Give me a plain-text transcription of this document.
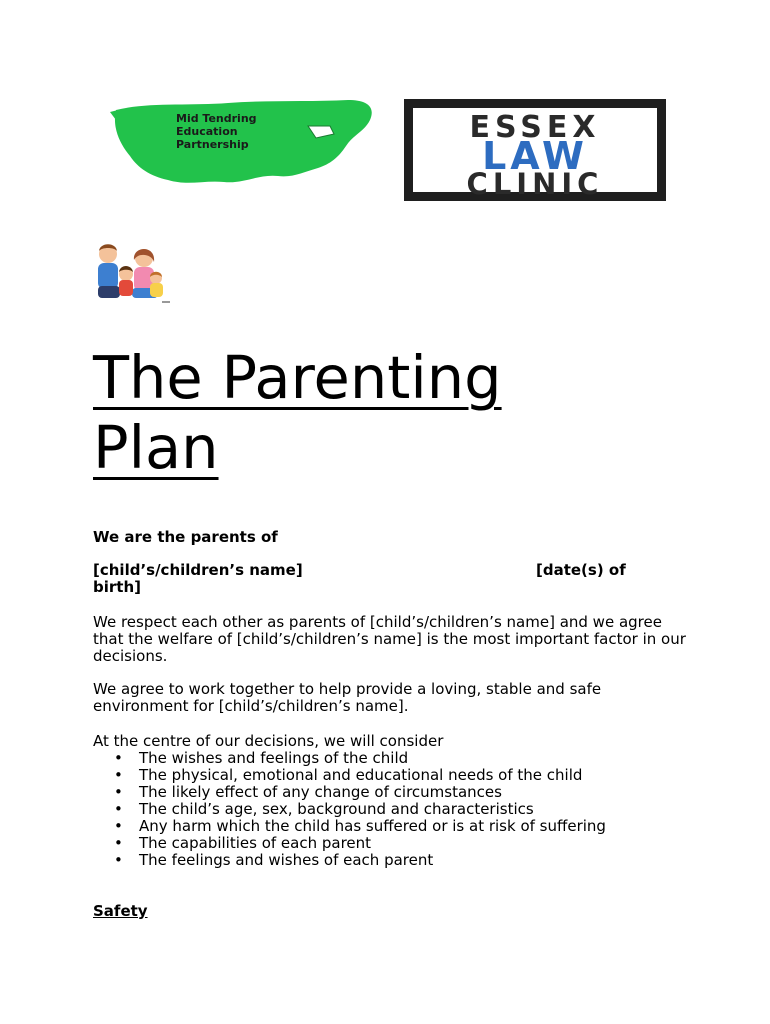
Mid Tendring
Education
Partnership	ESSEX
LAW
CLINIC
The Parenting
Plan
We are the parents of
[child’s/children’s name]	[date(s) of
birth]
We respect each other as parents of [child’s/children’s name] and we agree that the welfare of [child’s/children’s name] is the most important factor in our decisions.
We agree to work together to help provide a loving, stable and safe environment for [child’s/children’s name].
At the centre of our decisions, we will consider
• The wishes and feelings of the child
• The physical, emotional and educational needs of the child
• The likely effect of any change of circumstances
• The child’s age, sex, background and characteristics
• Any harm which the child has suffered or is at risk of suffering
• The capabilities of each parent
• The feelings and wishes of each parent
Safety
